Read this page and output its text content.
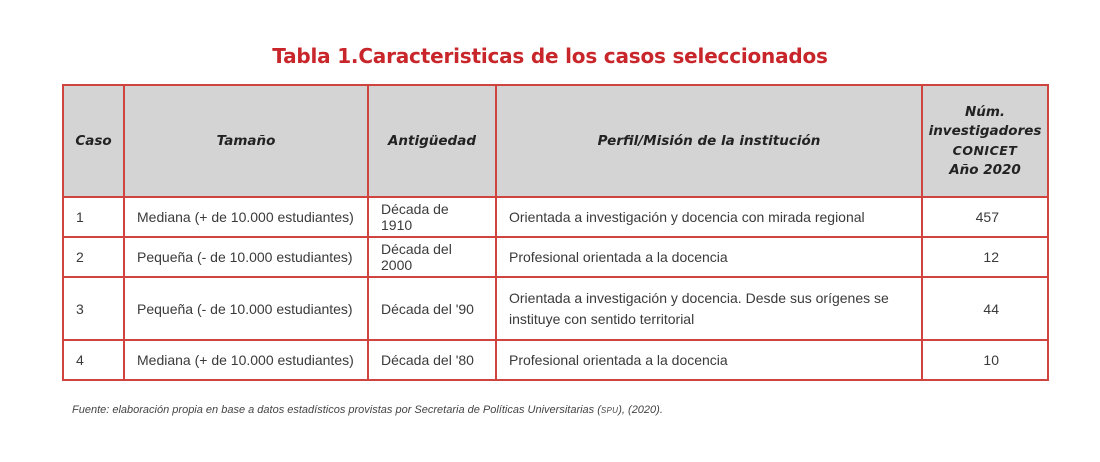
Tabla 1.Caracteristicas de los casos seleccionados
Caso	Tamaño	Antigüedad	Perfil/Misión de la institución	Núm.
investigadores
CONICET
Año 2020
1	Mediana (+ de 10.000 estudiantes)	Década de 1910	Orientada a investigación y docencia con mirada regional	457
2	Pequeña (- de 10.000 estudiantes)	Década del 2000	Profesional orientada a la docencia	12
3	Pequeña (- de 10.000 estudiantes)	Década del '90	Orientada a investigación y docencia. Desde sus orígenes se instituye con sentido territorial	44
4	Mediana (+ de 10.000 estudiantes)	Década del '80	Profesional orientada a la docencia	10
Fuente: elaboración propia en base a datos estadísticos provistas por Secretaria de Políticas Universitarias (spu), (2020).
